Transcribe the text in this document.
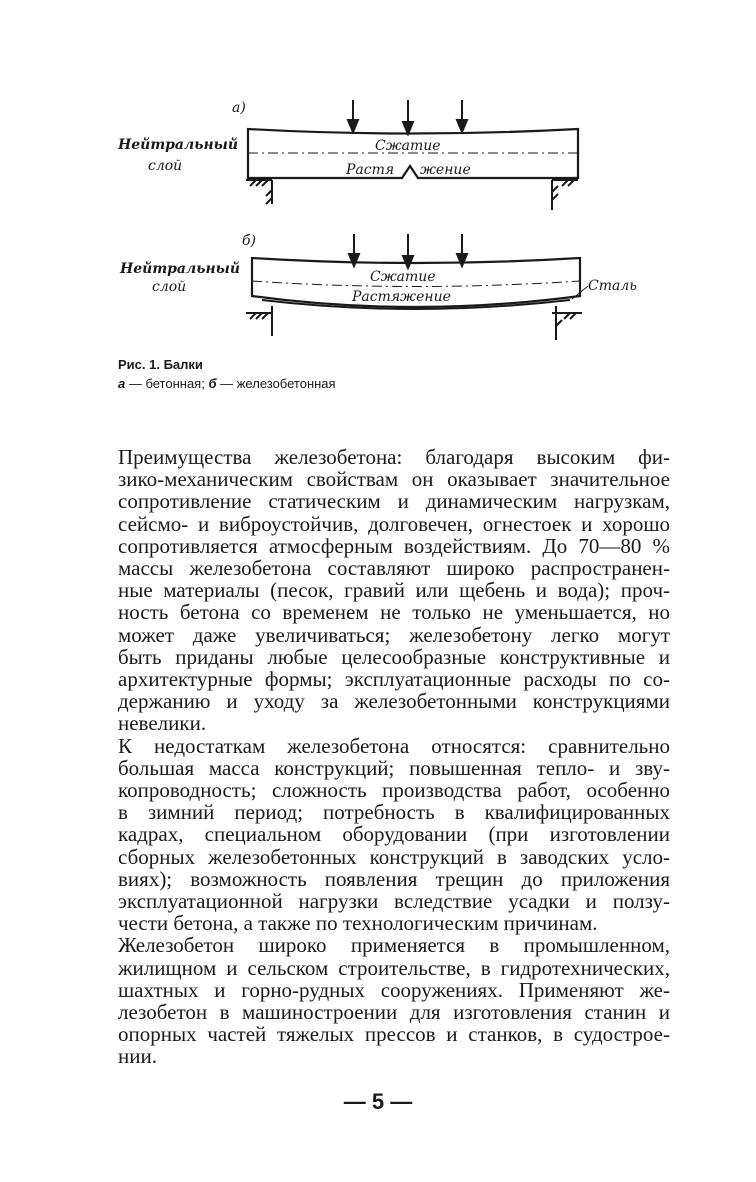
а)
Нейтральный
слой
Сжатие
Растя жение
б)
Нейтральный
слой
Сжатие
Растяжение
Сталь
Рис. 1. Балки
а — бетонная; б — железобетонная
Преимущества железобетона: благодаря высоким фи-
зико-механическим свойствам он оказывает значительное
сопротивление статическим и динамическим нагрузкам,
сейсмо- и виброустойчив, долговечен, огнестоек и хорошо
сопротивляется атмосферным воздействиям. До 70—80 %
массы железобетона составляют широко распространен-
ные материалы (песок, гравий или щебень и вода); проч-
ность бетона со временем не только не уменьшается, но
может даже увеличиваться; железобетону легко могут
быть приданы любые целесообразные конструктивные и
архитектурные формы; эксплуатационные расходы по со-
держанию и уходу за железобетонными конструкциями
невелики.
К недостаткам железобетона относятся: сравнительно
большая масса конструкций; повышенная тепло- и зву-
копроводность; сложность производства работ, особенно
в зимний период; потребность в квалифицированных
кадрах, специальном оборудовании (при изготовлении
сборных железобетонных конструкций в заводских усло-
виях); возможность появления трещин до приложения
эксплуатационной нагрузки вследствие усадки и ползу-
чести бетона, а также по технологическим причинам.
Железобетон широко применяется в промышленном,
жилищном и сельском строительстве, в гидротехнических,
шахтных и горно-рудных сооружениях. Применяют же-
лезобетон в машиностроении для изготовления станин и
опорных частей тяжелых прессов и станков, в судострое-
нии.
— 5 —
